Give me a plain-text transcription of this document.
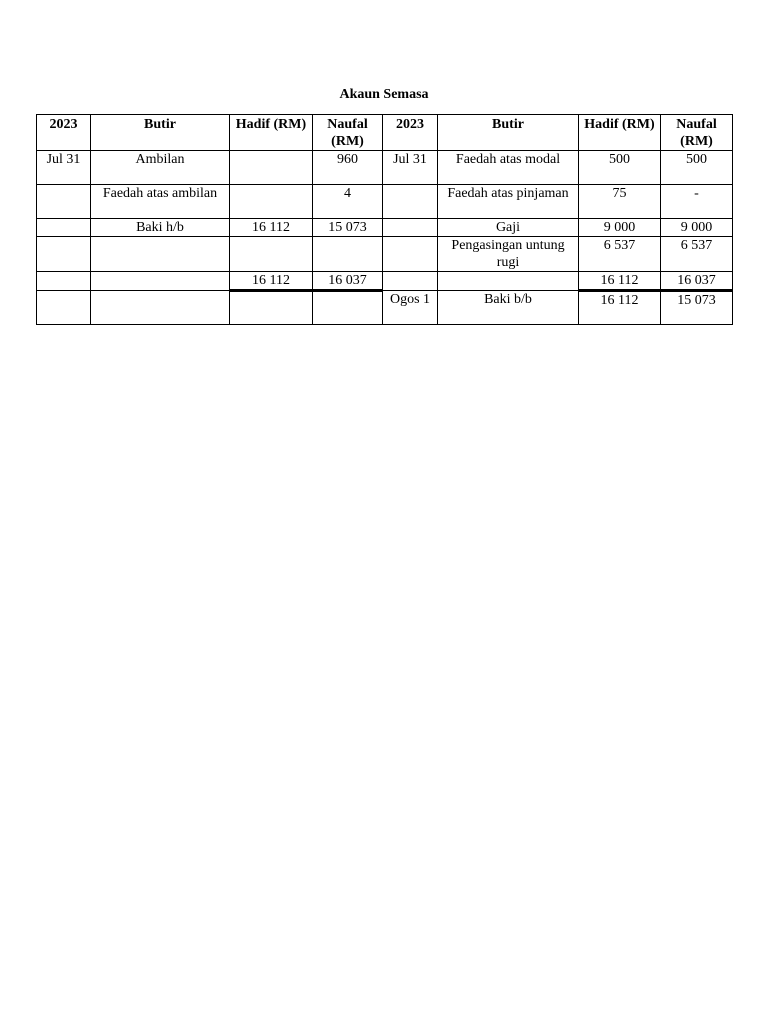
Akaun Semasa
2023	Butir	Hadif (RM)	Naufal (RM)	2023	Butir	Hadif (RM)	Naufal (RM)
Jul 31	Ambilan		960	Jul 31	Faedah atas modal	500	500
	Faedah atas ambilan		4		Faedah atas pinjaman	75	-
	Baki h/b	16 112	15 073		Gaji	9 000	9 000
					Pengasingan untung rugi	6 537	6 537
		16 112	16 037			16 112	16 037
				Ogos 1	Baki b/b	16 112	15 073
